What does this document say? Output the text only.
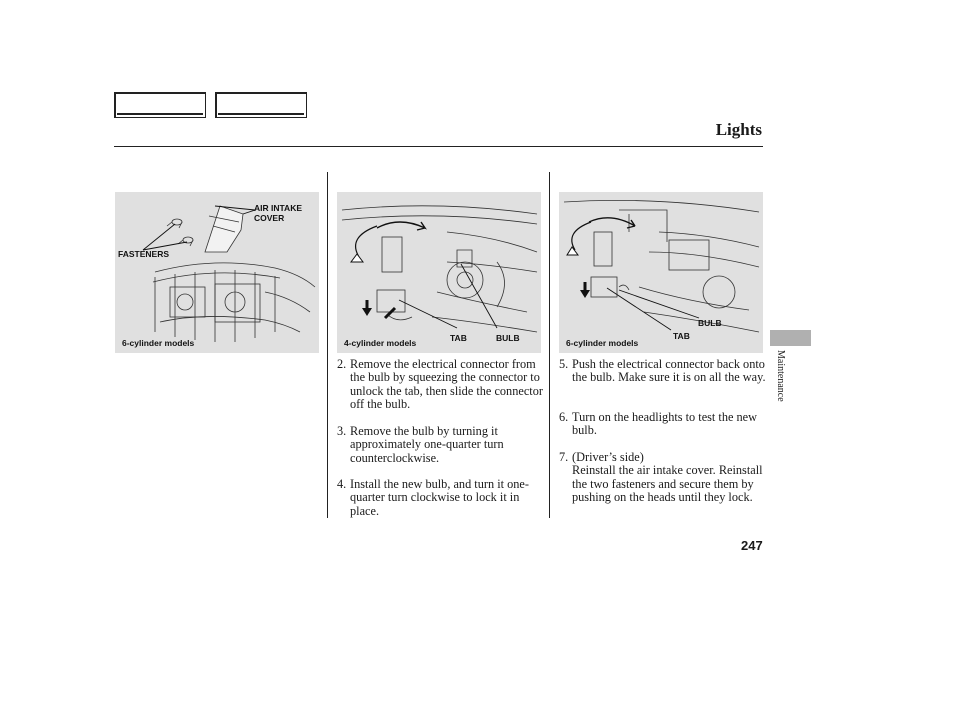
Lights
AIR INTAKE
COVER
FASTENERS
6-cylinder models	TAB	BULB
4-cylinder models
BULB
TAB
6-cylinder models
2. Remove the electrical connector from the bulb by squeezing the connector to unlock the tab, then slide the connector off the bulb.
3. Remove the bulb by turning it approximately one-quarter turn counterclockwise.
4. Install the new bulb, and turn it one-quarter turn clockwise to lock it in place.
5. Push the electrical connector back onto the bulb. Make sure it is on all the way.
6. Turn on the headlights to test the new bulb.
7. (Driver’s side)
Reinstall the air intake cover. Reinstall the two fasteners and secure them by pushing on the heads until they lock.
Maintenance
247
